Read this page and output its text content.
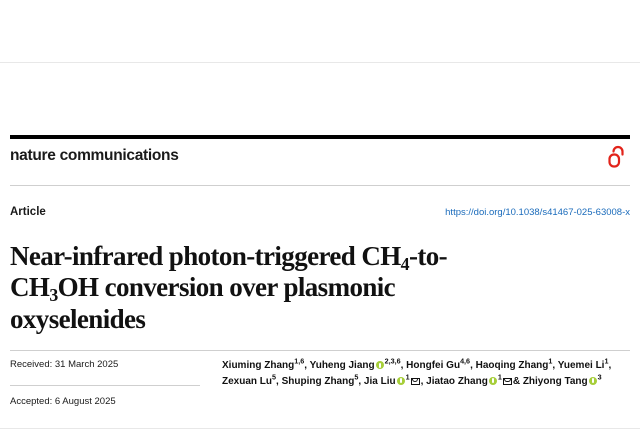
nature communications
Article	https://doi.org/10.1038/s41467-025-63008-x
Near-infrared photon-triggered $CH_4-to-$
$CH_3OH$ conversion over plasmonic
oxyselenides
Received: 31 March 2025
Accepted: 6 August 2025
Xiuming Zhang$^{1,6}$, Yuheng Jiang $^{2,3,6}$, Hongfei Gu$^{4,6}$, Haoqing Zhang$^1$, Yuemei Li$^1$,
Zexuan Lu$^5$, Shuping Zhang$^5$, Jia Liu $^1$ , Jiatao Zhang $^1$ & Zhiyong Tang $^3$
